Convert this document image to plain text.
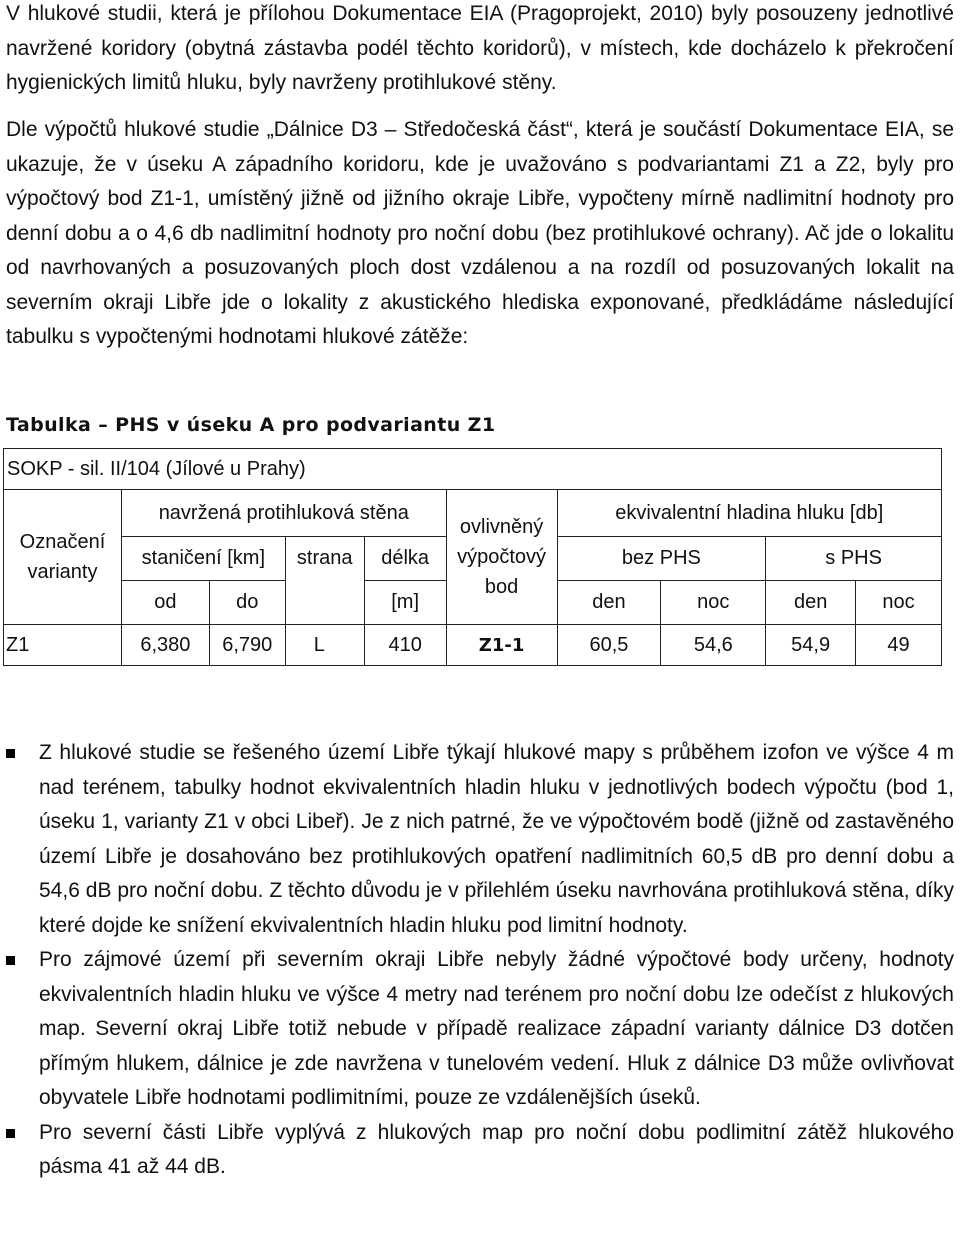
V hlukové studii, která je přílohou Dokumentace EIA (Pragoprojekt, 2010) byly posouzeny jednotlivé navržené koridory (obytná zástavba podél těchto koridorů), v místech, kde docházelo k překročení hygienických limitů hluku, byly navrženy protihlukové stěny.

Dle výpočtů hlukové studie „Dálnice D3 – Středočeská část“, která je součástí Dokumentace EIA, se ukazuje, že v úseku A západního koridoru, kde je uvažováno s podvariantami Z1 a Z2, byly pro výpočtový bod Z1-1, umístěný jižně od jižního okraje Libře, vypočteny mírně nadlimitní hodnoty pro denní dobu a o 4,6 db nadlimitní hodnoty pro noční dobu (bez protihlukové ochrany). Ač jde o lokalitu od navrhovaných a posuzovaných ploch dost vzdálenou a na rozdíl od posuzovaných lokalit na severním okraji Libře jde o lokality z akustického hlediska exponované, předkládáme následující tabulku s vypočtenými hodnotami hlukové zátěže:

Tabulka – PHS v úseku A pro podvariantu Z1

SOKP - sil. II/104 (Jílové u Prahy)									
Označení varianty	navržená protihluková stěna				ovlivněný výpočtový bod	ekvivalentní hladina hluku [db]			
	staničení [km]		strana	délka		bez PHS		s PHS	
	od	do		[m]		den	noc	den	noc
Z1	6,380	6,790	L	410	Z1-1	60,5	54,6	54,9	49
Z hlukové studie se řešeného území Libře týkají hlukové mapy s průběhem izofon ve výšce 4 m nad terénem, tabulky hodnot ekvivalentních hladin hluku v jednotlivých bodech výpočtu (bod 1, úseku 1, varianty Z1 v obci Libeř). Je z nich patrné, že ve výpočtovém bodě (jižně od zastavěného území Libře je dosahováno bez protihlukových opatření nadlimitních 60,5 dB pro denní dobu a 54,6 dB pro noční dobu. Z těchto důvodu je v přilehlém úseku navrhována protihluková stěna, díky které dojde ke snížení ekvivalentních hladin hluku pod limitní hodnoty.
Pro zájmové území při severním okraji Libře nebyly žádné výpočtové body určeny, hodnoty ekvivalentních hladin hluku ve výšce 4 metry nad terénem pro noční dobu lze odečíst z hlukových map. Severní okraj Libře totiž nebude v případě realizace západní varianty dálnice D3 dotčen přímým hlukem, dálnice je zde navržena v tunelovém vedení. Hluk z dálnice D3 může ovlivňovat obyvatele Libře hodnotami podlimitními, pouze ze vzdálenějších úseků.
Pro severní části Libře vyplývá z hlukových map pro noční dobu podlimitní zátěž hlukového pásma 41 až 44 dB.
